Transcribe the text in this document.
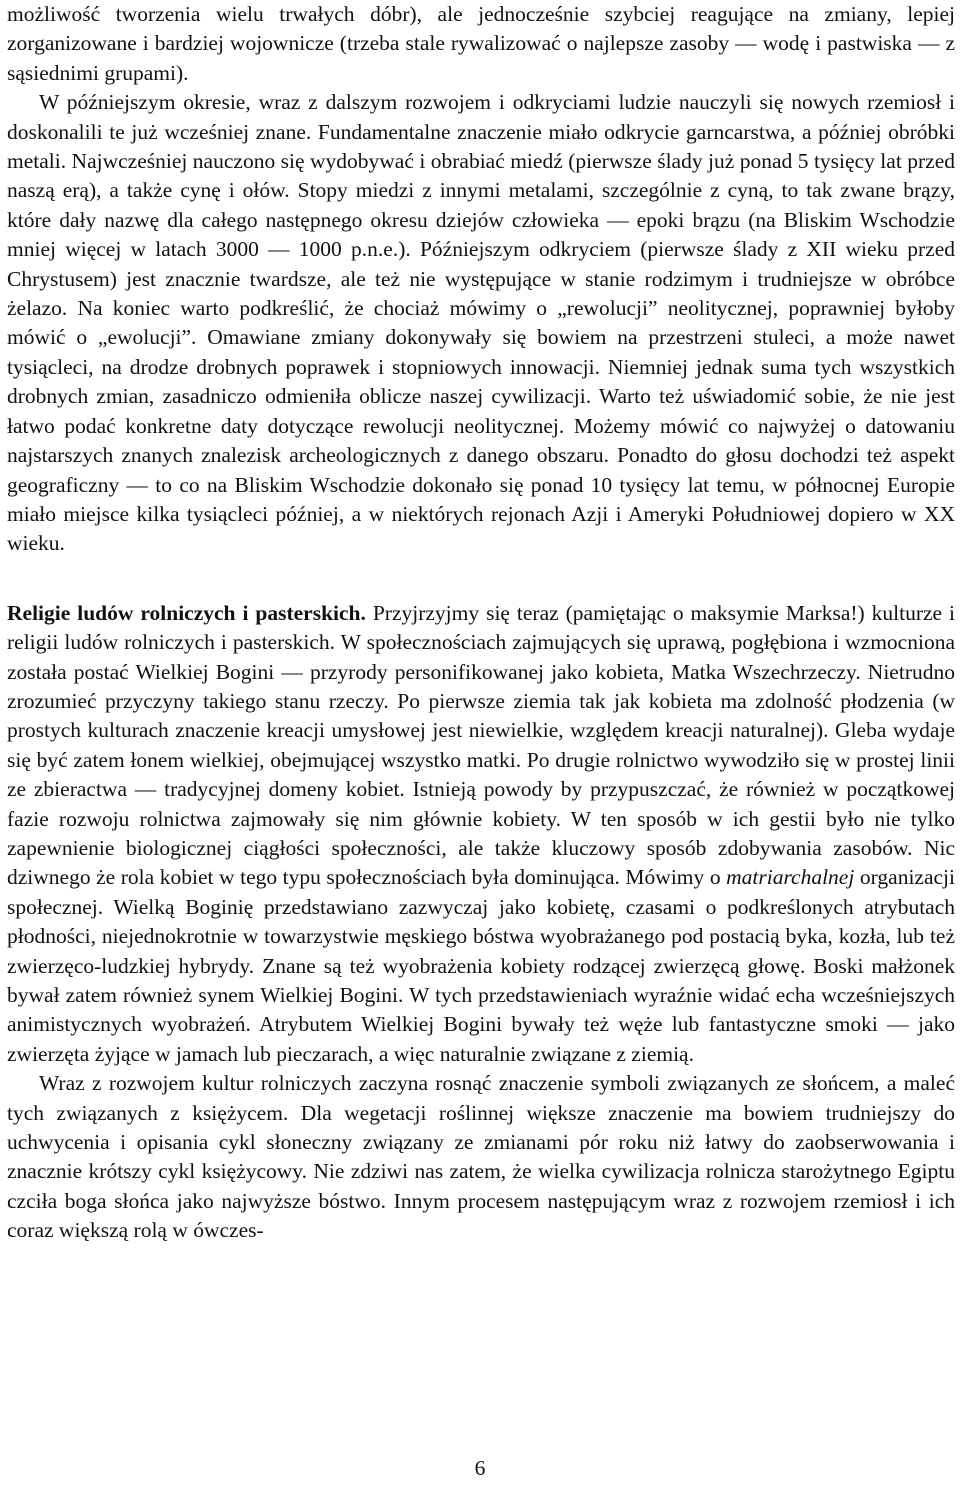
możliwość tworzenia wielu trwałych dóbr), ale jednocześnie szybciej reagujące na zmiany, lepiej zorganizowane i bardziej wojownicze (trzeba stale rywalizować o najlepsze zasoby — wodę i pastwiska — z sąsiednimi grupami).

W późniejszym okresie, wraz z dalszym rozwojem i odkryciami ludzie nauczyli się nowych rzemiosł i doskonalili te już wcześniej znane. Fundamentalne znaczenie miało odkrycie garncarstwa, a później obróbki metali. Najwcześniej nauczono się wydobywać i obrabiać miedź (pierwsze ślady już ponad 5 tysięcy lat przed naszą erą), a także cynę i ołów. Stopy miedzi z innymi metalami, szczególnie z cyną, to tak zwane brązy, które dały nazwę dla całego następnego okresu dziejów człowieka — epoki brązu (na Bliskim Wschodzie mniej więcej w latach 3000 — 1000 p.n.e.). Późniejszym odkryciem (pierwsze ślady z XII wieku przed Chrystusem) jest znacznie twardsze, ale też nie występujące w stanie rodzimym i trudniejsze w obróbce żelazo. Na koniec warto podkreślić, że chociaż mówimy o „rewolucji” neolitycznej, poprawniej byłoby mówić o „ewolucji”. Omawiane zmiany dokonywały się bowiem na przestrzeni stuleci, a może nawet tysiącleci, na drodze drobnych poprawek i stopniowych innowacji. Niemniej jednak suma tych wszystkich drobnych zmian, zasadniczo odmieniła oblicze naszej cywilizacji. Warto też uświadomić sobie, że nie jest łatwo podać konkretne daty dotyczące rewolucji neolitycznej. Możemy mówić co najwyżej o datowaniu najstarszych znanych znalezisk archeologicznych z danego obszaru. Ponadto do głosu dochodzi też aspekt geograficzny — to co na Bliskim Wschodzie dokonało się ponad 10 tysięcy lat temu, w północnej Europie miało miejsce kilka tysiącleci później, a w niektórych rejonach Azji i Ameryki Południowej dopiero w XX wieku.

Religie ludów rolniczych i pasterskich. Przyjrzyjmy się teraz (pamiętając o maksymie Marksa!) kulturze i religii ludów rolniczych i pasterskich. W społecznościach zajmujących się uprawą, pogłębiona i wzmocniona została postać Wielkiej Bogini — przyrody personifikowanej jako kobieta, Matka Wszechrzeczy. Nietrudno zrozumieć przyczyny takiego stanu rzeczy. Po pierwsze ziemia tak jak kobieta ma zdolność płodzenia (w prostych kulturach znaczenie kreacji umysłowej jest niewielkie, względem kreacji naturalnej). Gleba wydaje się być zatem łonem wielkiej, obejmującej wszystko matki. Po drugie rolnictwo wywodziło się w prostej linii ze zbieractwa — tradycyjnej domeny kobiet. Istnieją powody by przypuszczać, że również w początkowej fazie rozwoju rolnictwa zajmowały się nim głównie kobiety. W ten sposób w ich gestii było nie tylko zapewnienie biologicznej ciągłości społeczności, ale także kluczowy sposób zdobywania zasobów. Nic dziwnego że rola kobiet w tego typu społecznościach była dominująca. Mówimy o matriarchalnej organizacji społecznej. Wielką Boginię przedstawiano zazwyczaj jako kobietę, czasami o podkreślonych atrybutach płodności, niejednokrotnie w towarzystwie męskiego bóstwa wyobrażanego pod postacią byka, kozła, lub też zwierzęco-ludzkiej hybrydy. Znane są też wyobrażenia kobiety rodzącej zwierzęcą głowę. Boski małżonek bywał zatem również synem Wielkiej Bogini. W tych przedstawieniach wyraźnie widać echa wcześniejszych animistycznych wyobrażeń. Atrybutem Wielkiej Bogini bywały też węże lub fantastyczne smoki — jako zwierzęta żyjące w jamach lub pieczarach, a więc naturalnie związane z ziemią.

Wraz z rozwojem kultur rolniczych zaczyna rosnąć znaczenie symboli związanych ze słońcem, a maleć tych związanych z księżycem. Dla wegetacji roślinnej większe znaczenie ma bowiem trudniejszy do uchwycenia i opisania cykl słoneczny związany ze zmianami pór roku niż łatwy do zaobserwowania i znacznie krótszy cykl księżycowy. Nie zdziwi nas zatem, że wielka cywilizacja rolnicza starożytnego Egiptu czciła boga słońca jako najwyższe bóstwo. Innym procesem następującym wraz z rozwojem rzemiosł i ich coraz większą rolą w ówczes-

6
